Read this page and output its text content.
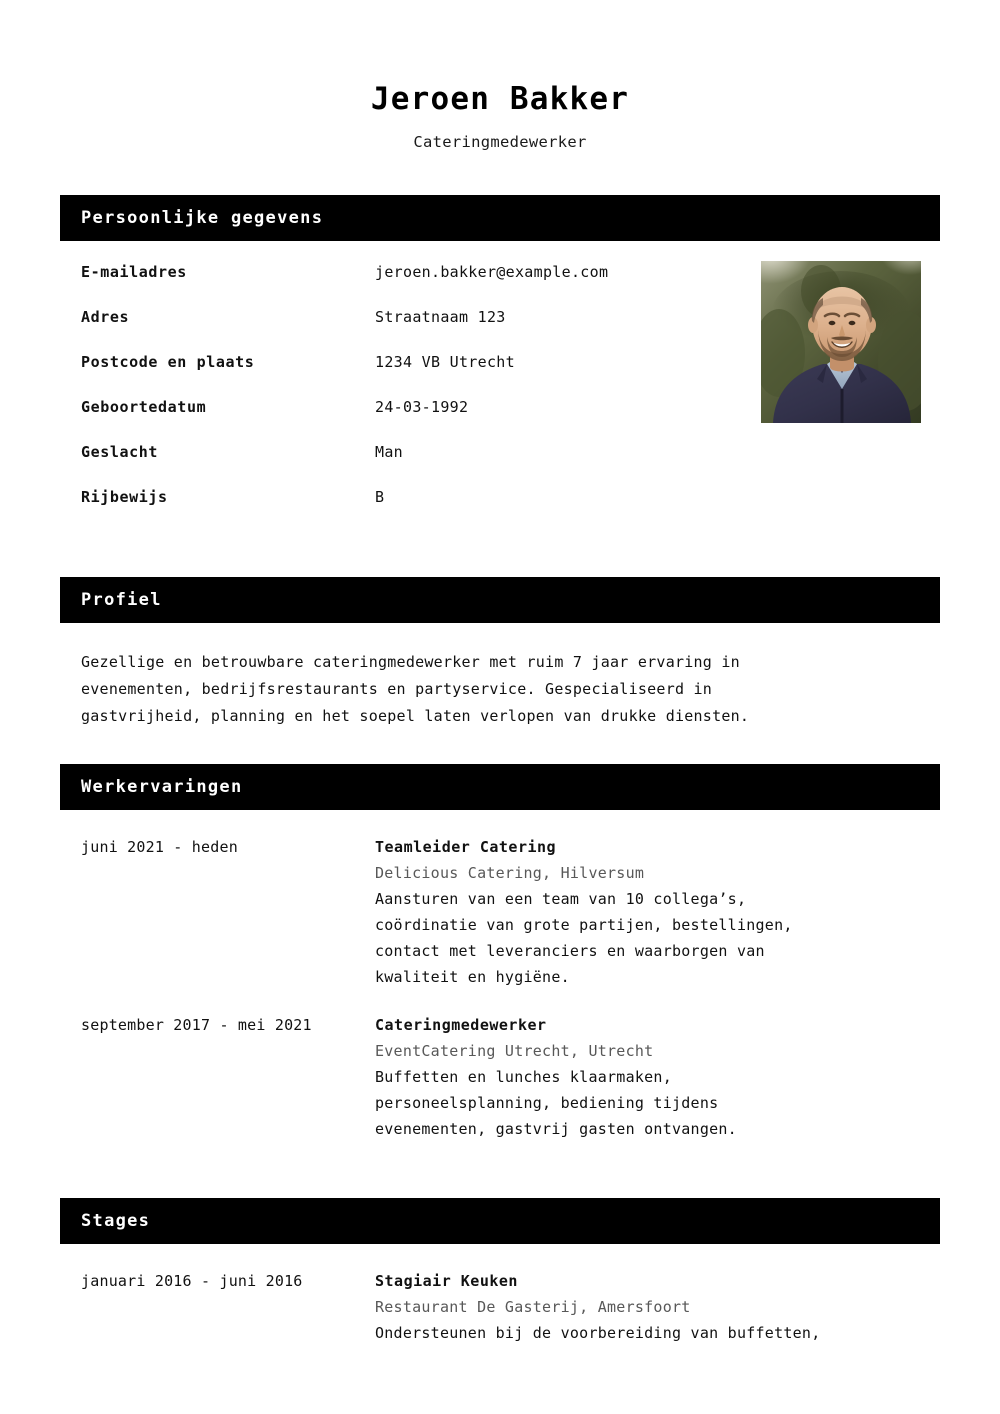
Jeroen Bakker
Cateringmedewerker
Persoonlijke gegevens
E-mailadres	jeroen.bakker@example.com
Adres	Straatnaam 123
Postcode en plaats	1234 VB Utrecht
Geboortedatum	24-03-1992
Geslacht	Man
Rijbewijs	B
Profiel
Gezellige en betrouwbare cateringmedewerker met ruim 7 jaar ervaring in
evenementen, bedrijfsrestaurants en partyservice. Gespecialiseerd in
gastvrijheid, planning en het soepel laten verlopen van drukke diensten.
Werkervaringen
juni 2021 - heden	Teamleider Catering
Delicious Catering, Hilversum
Aansturen van een team van 10 collega’s,
coördinatie van grote partijen, bestellingen,
contact met leveranciers en waarborgen van
kwaliteit en hygiëne.
september 2017 - mei 2021	Cateringmedewerker
EventCatering Utrecht, Utrecht
Buffetten en lunches klaarmaken,
personeelsplanning, bediening tijdens
evenementen, gastvrij gasten ontvangen.
Stages
januari 2016 - juni 2016	Stagiair Keuken
Restaurant De Gasterij, Amersfoort
Ondersteunen bij de voorbereiding van buffetten,
